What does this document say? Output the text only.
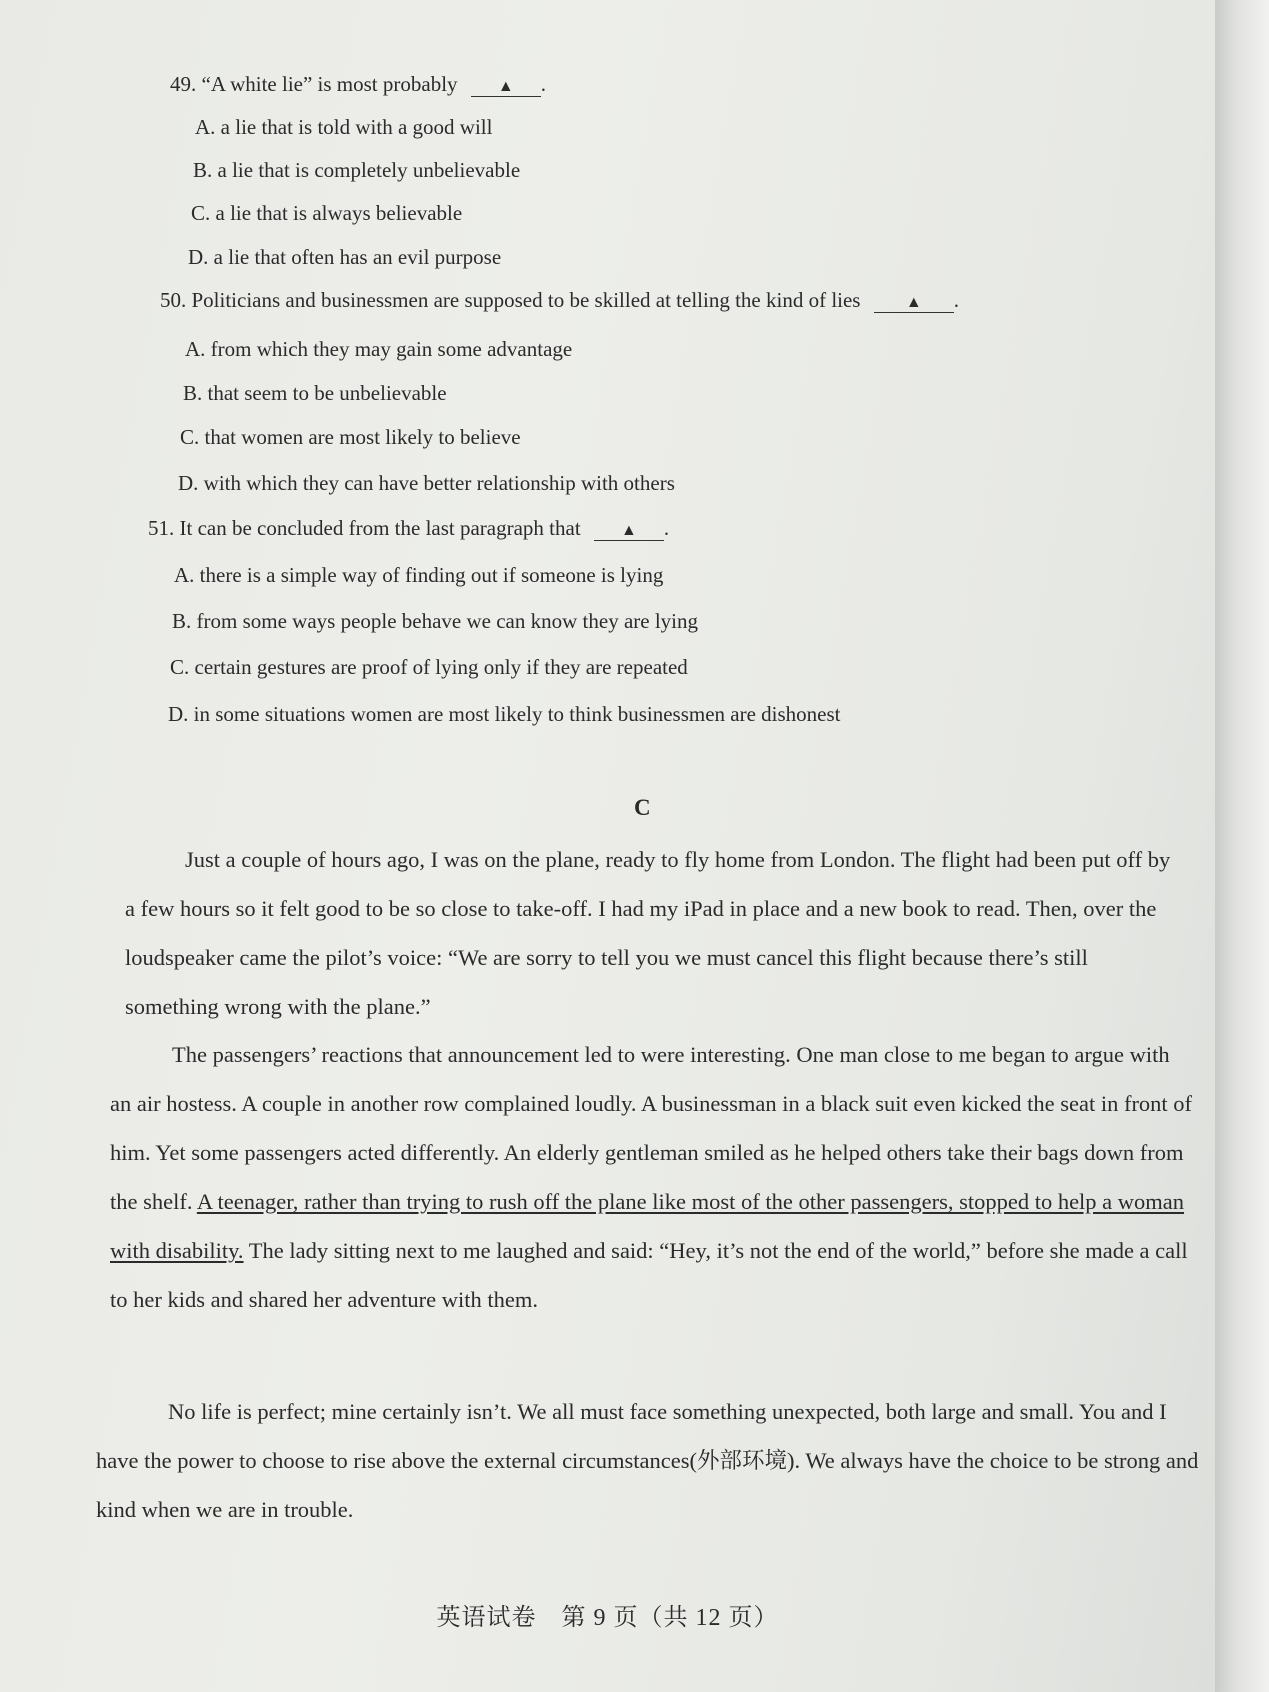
49. “A white lie” is most probably	▲ .
A. a lie that is told with a good will
B. a lie that is completely unbelievable
C. a lie that is always believable
D. a lie that often has an evil purpose
50. Politicians and businessmen are supposed to be skilled at telling the kind of lies	▲ .
A. from which they may gain some advantage
B. that seem to be unbelievable
C. that women are most likely to believe
D. with which they can have better relationship with others
51. It can be concluded from the last paragraph that	▲ .
A. there is a simple way of finding out if someone is lying
B. from some ways people behave we can know they are lying
C. certain gestures are proof of lying only if they are repeated
D. in some situations women are most likely to think businessmen are dishonest
C
Just a couple of hours ago, I was on the plane, ready to fly home from London. The flight had been put off by a few hours so it felt good to be so close to take-off. I had my iPad in place and a new book to read. Then, over the loudspeaker came the pilot’s voice: “We are sorry to tell you we must cancel this flight because there’s still something wrong with the plane.”
The passengers’ reactions that announcement led to were interesting. One man close to me began to argue with an air hostess. A couple in another row complained loudly. A businessman in a black suit even kicked the seat in front of him. Yet some passengers acted differently. An elderly gentleman smiled as he helped others take their bags down from the shelf. A teenager, rather than trying to rush off the plane like most of the other passengers, stopped to help a woman with disability. The lady sitting next to me laughed and said: “Hey, it’s not the end of the world,” before she made a call to her kids and shared her adventure with them.
No life is perfect; mine certainly isn’t. We all must face something unexpected, both large and small. You and I have the power to choose to rise above the external circumstances(外部环境). We always have the choice to be strong and kind when we are in trouble.
英语试卷　第 9 页（共 12 页）
